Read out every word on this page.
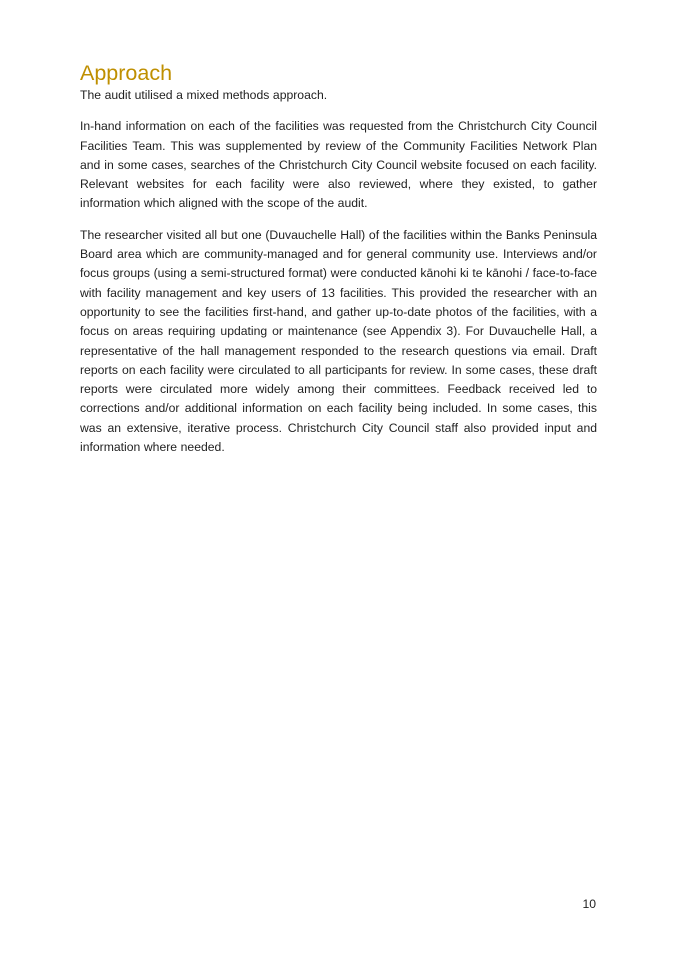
Approach

The audit utilised a mixed methods approach.

In-hand information on each of the facilities was requested from the Christchurch City Council Facilities Team. This was supplemented by review of the Community Facilities Network Plan and in some cases, searches of the Christchurch City Council website focused on each facility. Relevant websites for each facility were also reviewed, where they existed, to gather information which aligned with the scope of the audit.

The researcher visited all but one (Duvauchelle Hall) of the facilities within the Banks Peninsula Board area which are community-managed and for general community use. Interviews and/or focus groups (using a semi-structured format) were conducted kānohi ki te kānohi / face-to-face with facility management and key users of 13 facilities. This provided the researcher with an opportunity to see the facilities first-hand, and gather up-to-date photos of the facilities, with a focus on areas requiring updating or maintenance (see Appendix 3). For Duvauchelle Hall, a representative of the hall management responded to the research questions via email. Draft reports on each facility were circulated to all participants for review. In some cases, these draft reports were circulated more widely among their committees. Feedback received led to corrections and/or additional information on each facility being included. In some cases, this was an extensive, iterative process. Christchurch City Council staff also provided input and information where needed.

10
